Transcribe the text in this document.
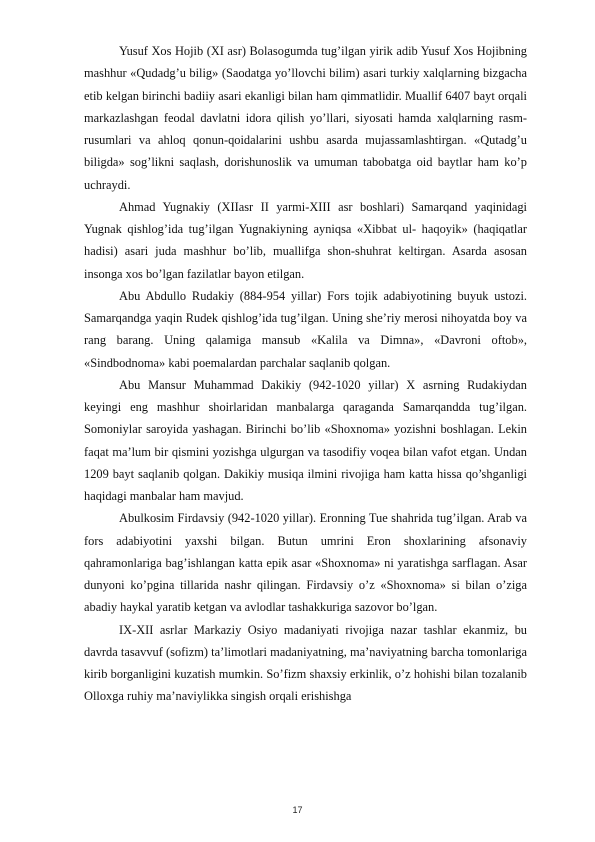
Yusuf Xos Hojib (XI asr) Bolasogumda tug’ilgan yirik adib Yusuf Xos Hojibning mashhur «Qudadg’u bilig» (Saodatga yo’llovchi bilim) asari turkiy xalqlarning bizgacha etib kelgan birinchi badiiy asari ekanligi bilan ham qimmatlidir. Muallif 6407 bayt orqali markazlashgan feodal davlatni idora qilish yo’llari, siyosati hamda xalqlarning rasm-rusumlari va ahloq qonun-qoidalarini ushbu asarda mujassamlashtirgan. «Qutadg’u biligda» sog’likni saqlash, dorishunoslik va umuman tabobatga oid baytlar ham ko’p uchraydi.

Ahmad Yugnakiy (XIIasr II yarmi-XIII asr boshlari) Samarqand yaqinidagi Yugnak qishlog’ida tug’ilgan Yugnakiyning ayniqsa «Xibbat ul- haqoyik» (haqiqatlar hadisi) asari juda mashhur bo’lib, muallifga shon-shuhrat keltirgan. Asarda asosan insonga xos bo’lgan fazilatlar bayon etilgan.

Abu Abdullo Rudakiy (884-954 yillar) Fors tojik adabiyotining buyuk ustozi. Samarqandga yaqin Rudek qishlog’ida tug’ilgan. Uning she’riy merosi nihoyatda boy va rang barang. Uning qalamiga mansub «Kalila va Dimna», «Davroni oftob», «Sindbodnoma» kabi poemalardan parchalar saqlanib qolgan.

Abu Mansur Muhammad Dakikiy (942-1020 yillar) X asrning Rudakiydan keyingi eng mashhur shoirlaridan manbalarga qaraganda Samarqandda tug’ilgan. Somoniylar saroyida yashagan. Birinchi bo’lib «Shoxnoma» yozishni boshlagan. Lekin faqat ma’lum bir qismini yozishga ulgurgan va tasodifiy voqea bilan vafot etgan. Undan 1209 bayt saqlanib qolgan. Dakikiy musiqa ilmini rivojiga ham katta hissa qo’shganligi haqidagi manbalar ham mavjud.

Abulkosim Firdavsiy (942-1020 yillar). Eronning Tue shahrida tug’ilgan. Arab va fors adabiyotini yaxshi bilgan. Butun umrini Eron shoxlarining afsonaviy qahramonlariga bag’ishlangan katta epik asar «Shoxnoma» ni yaratishga sarflagan. Asar dunyoni ko’pgina tillarida nashr qilingan. Firdavsiy o’z «Shoxnoma» si bilan o’ziga abadiy haykal yaratib ketgan va avlodlar tashakkuriga sazovor bo’lgan.

IX-XII asrlar Markaziy Osiyo madaniyati rivojiga nazar tashlar ekanmiz, bu davrda tasavvuf (sofizm) ta’limotlari madaniyatning, ma’naviyatning barcha tomonlariga kirib borganligini kuzatish mumkin. So’fizm shaxsiy erkinlik, o’z hohishi bilan tozalanib Olloxga ruhiy ma’naviylikka singish orqali erishishga

17
